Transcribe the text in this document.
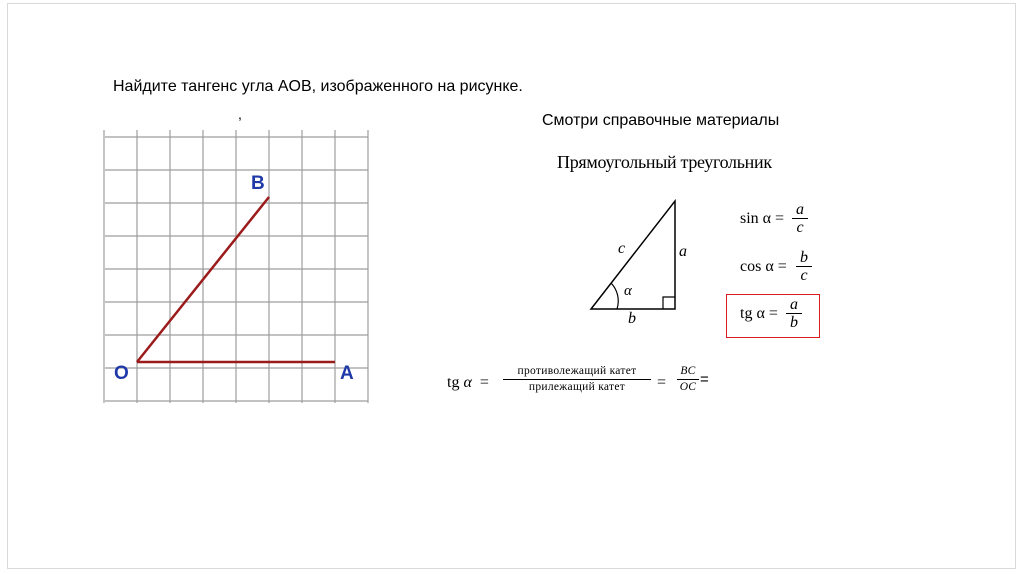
Найдите тангенс угла AOB, изображенного на рисунке.
,
O	A
B
Смотри справочные материалы
Прямоугольный треугольник
c	a
b
α
sin α =
a
c
cos α =
b
c
tg α =
a
b
tg α =
противолежащий катет
прилежащий катет	=
BC
OC =
